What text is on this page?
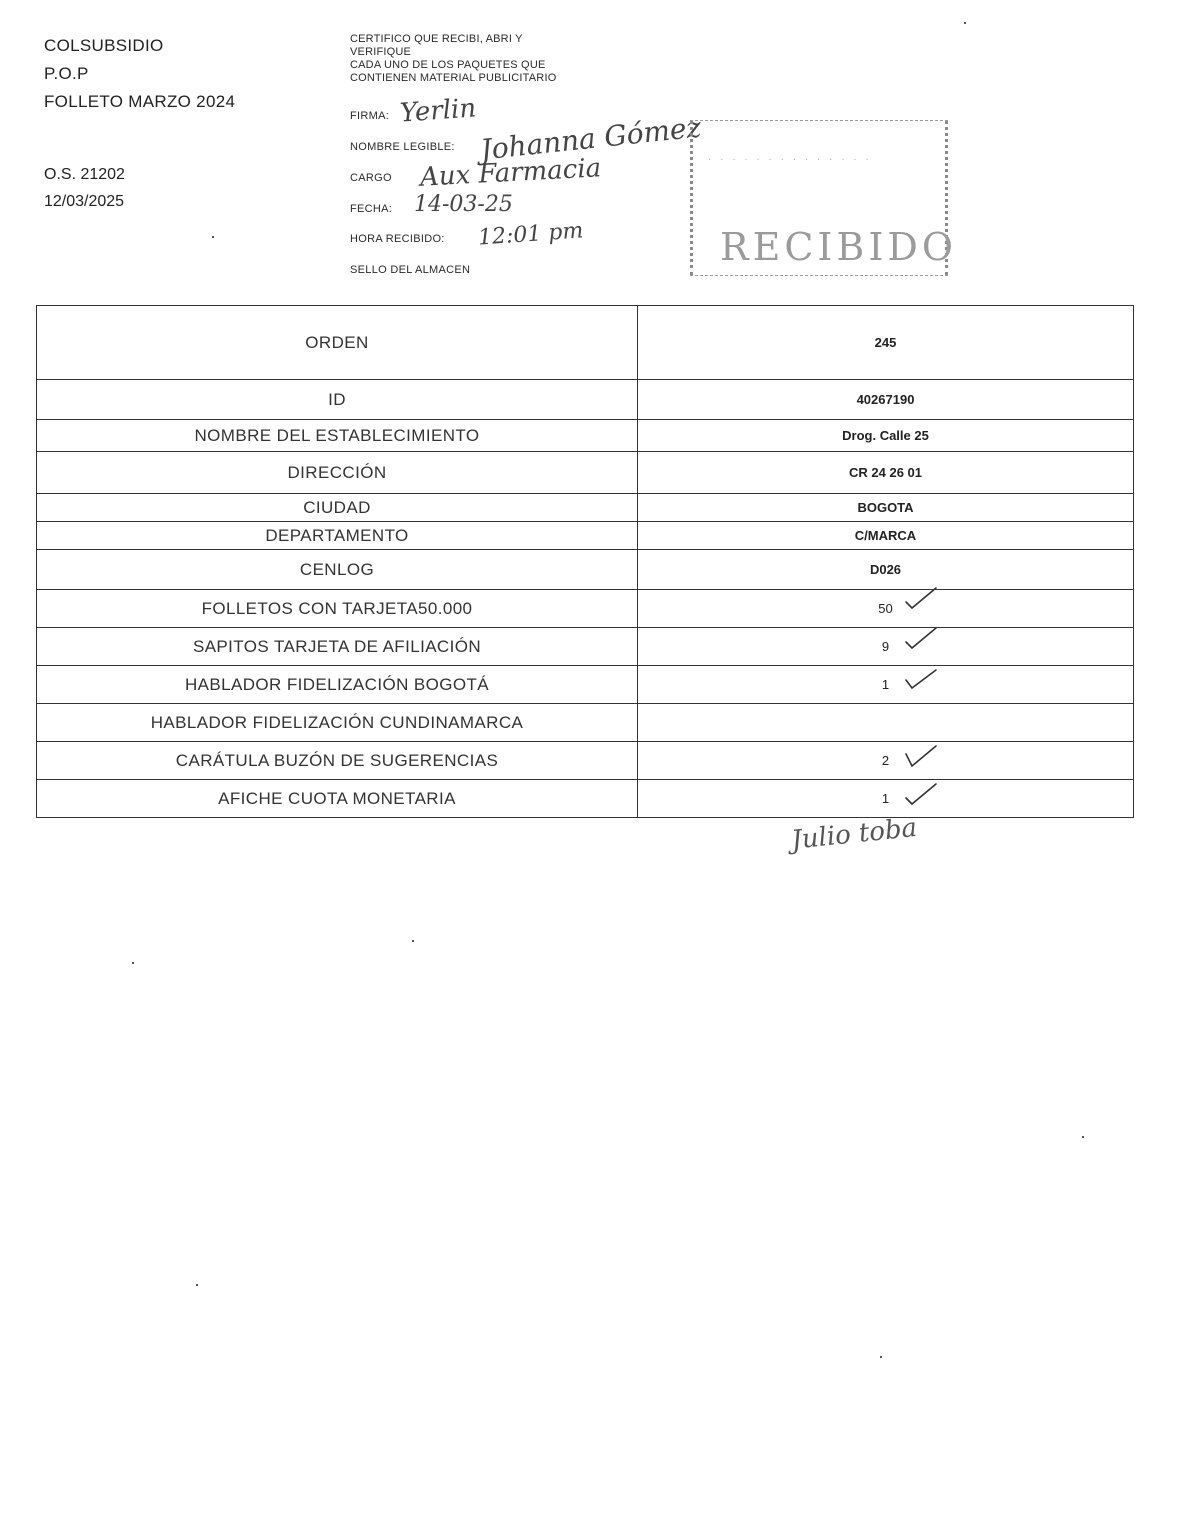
COLSUBSIDIO
P.O.P
FOLLETO MARZO 2024
O.S. 21202
12/03/2025
CERTIFICO QUE RECIBI, ABRI Y
VERIFIQUE
CADA UNO DE LOS PAQUETES QUE
CONTIENEN MATERIAL PUBLICITARIO
FIRMA:
NOMBRE LEGIBLE:
CARGO
FECHA:
HORA RECIBIDO:
SELLO DEL ALMACEN
Yerlin Johanna Gómez
Aux Farmacia
14-03-25
12:01 pm
· · · · · · · · · · · · · ·
RECIBIDO
ORDEN	245
ID	40267190
NOMBRE DEL ESTABLECIMIENTO	Drog. Calle 25
DIRECCIÓN	CR 24 26 01
CIUDAD	BOGOTA
DEPARTAMENTO	C/MARCA
CENLOG	D026
FOLLETOS CON TARJETA50.000	50
SAPITOS TARJETA DE AFILIACIÓN	9
HABLADOR FIDELIZACIÓN BOGOTÁ	1
HABLADOR FIDELIZACIÓN CUNDINAMARCA	
CARÁTULA BUZÓN DE SUGERENCIAS	2
AFICHE CUOTA MONETARIA	1
Julio toba
